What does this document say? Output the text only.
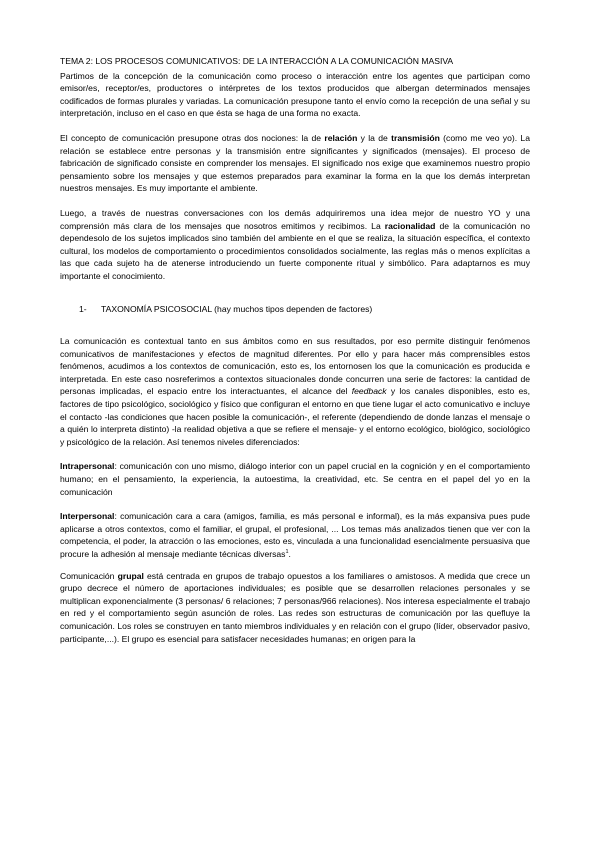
TEMA 2: LOS PROCESOS COMUNICATIVOS: DE LA INTERACCIÓN A LA COMUNICACIÓN MASIVA

Partimos de la concepción de la comunicación como proceso o interacción entre los agentes que participan como emisor/es, receptor/es, productores o intérpretes de los textos producidos que albergan determinados mensajes codificados de formas plurales y variadas. La comunicación presupone tanto el envío como la recepción de una señal y su interpretación, incluso en el caso en que ésta se haga de una forma no exacta.

El concepto de comunicación presupone otras dos nociones: la de relación y la de transmisión (como me veo yo). La relación se establece entre personas y la transmisión entre significantes y significados (mensajes). El proceso de fabricación de significado consiste en comprender los mensajes. El significado nos exige que examinemos nuestro propio pensamiento sobre los mensajes y que estemos preparados para examinar la forma en la que los demás interpretan nuestros mensajes. Es muy importante el ambiente.

Luego, a través de nuestras conversaciones con los demás adquiriremos una idea mejor de nuestro YO y una comprensión más clara de los mensajes que nosotros emitimos y recibimos. La racionalidad de la comunicación no dependesolo de los sujetos implicados sino también del ambiente en el que se realiza, la situación específica, el contexto cultural, los modelos de comportamiento o procedimientos consolidados socialmente, las reglas más o menos explícitas a las que cada sujeto ha de atenerse introduciendo un fuerte componente ritual y simbólico. Para adaptarnos es muy importante el conocimiento.

1- TAXONOMÍA PSICOSOCIAL (hay muchos tipos dependen de factores)

La comunicación es contextual tanto en sus ámbitos como en sus resultados, por eso permite distinguir fenómenos comunicativos de manifestaciones y efectos de magnitud diferentes. Por ello y para hacer más comprensibles estos fenómenos, acudimos a los contextos de comunicación, esto es, los entornosen los que la comunicación es producida e interpretada. En este caso nosreferimos a contextos situacionales donde concurren una serie de factores: la cantidad de personas implicadas, el espacio entre los interactuantes, el alcance del feedback y los canales disponibles, esto es, factores de tipo psicológico, sociológico y físico que configuran el entorno en que tiene lugar el acto comunicativo e incluye el contacto -las condiciones que hacen posible la comunicación-, el referente (dependiendo de donde lanzas el mensaje o a quién lo interpreta distinto) -la realidad objetiva a que se refiere el mensaje- y el entorno ecológico, biológico, sociológico y psicológico de la relación. Así tenemos niveles diferenciados:

Intrapersonal: comunicación con uno mismo, diálogo interior con un papel crucial en la cognición y en el comportamiento humano; en el pensamiento, la experiencia, la autoestima, la creatividad, etc. Se centra en el papel del yo en la comunicación

Interpersonal: comunicación cara a cara (amigos, familia, es más personal e informal), es la más expansiva pues pude aplicarse a otros contextos, como el familiar, el grupal, el profesional, ... Los temas más analizados tienen que ver con la competencia, el poder, la atracción o las emociones, esto es, vinculada a una funcionalidad esencialmente persuasiva que procure la adhesión al mensaje mediante técnicas diversas$^1$.

Comunicación grupal está centrada en grupos de trabajo opuestos a los familiares o amistosos. A medida que crece un grupo decrece el número de aportaciones individuales; es posible que se desarrollen relaciones personales y se multiplican exponencialmente (3 personas/ 6 relaciones; 7 personas/966 relaciones). Nos interesa especialmente el trabajo en red y el comportamiento según asunción de roles. Las redes son estructuras de comunicación por las quefluye la comunicación. Los roles se construyen en tanto miembros individuales y en relación con el grupo (líder, observador pasivo, participante,...). El grupo es esencial para satisfacer necesidades humanas; en origen para la
